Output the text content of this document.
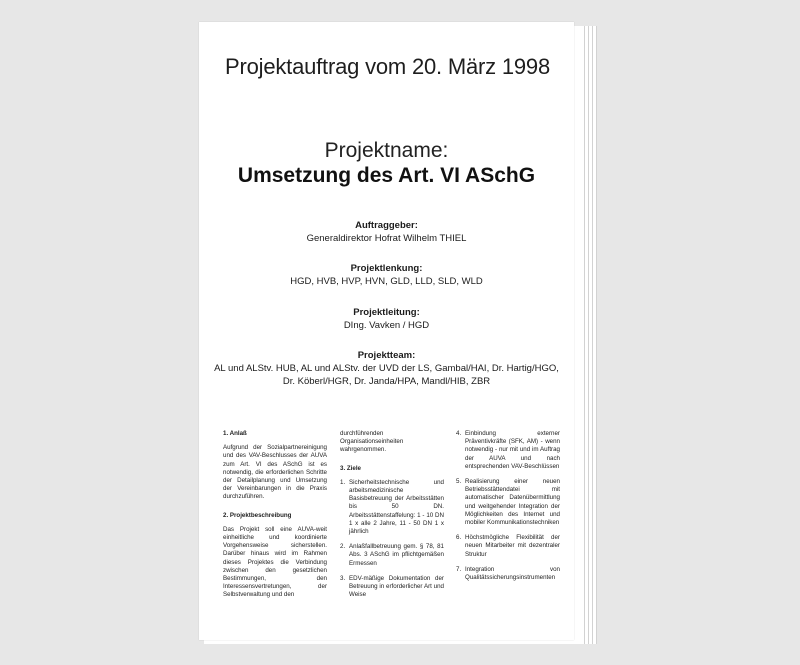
Projektauftrag vom 20. März 1998
Projektname:
Umsetzung des Art. VI ASchG
Auftraggeber:
Generaldirektor Hofrat Wilhelm THIEL
Projektlenkung:
HGD, HVB, HVP, HVN, GLD, LLD, SLD, WLD
Projektleitung:
DIng. Vavken / HGD
Projektteam:
AL und ALStv. HUB, AL und ALStv. der UVD der LS, Gambal/HAI, Dr. Hartig/HGO,
Dr. Köberl/HGR, Dr. Janda/HPA, Mandl/HIB, ZBR
1. Anlaß

Aufgrund der Sozialpartnereinigung und des VAV-Beschlusses der AUVA zum Art. VI des ASchG ist es notwendig, die erforderlichen Schritte der Detailplanung und Umsetzung der Vereinbarungen in die Praxis durchzuführen.

2. Projektbeschreibung

Das Projekt soll eine AUVA-weit einheitliche und koordinierte Vorgehensweise sicherstellen. Darüber hinaus wird im Rahmen dieses Projektes die Verbindung zwischen den gesetzlichen Bestimmungen, den Interessensvertretungen, der Selbstverwaltung und den

durchführenden Organisationseinheiten wahrgenommen.

3. Ziele
1. Sicherheitstechnische und arbeitsmedizinische Basisbetreuung der Arbeitsstätten bis 50 DN. Arbeitsstättenstaffelung: 1 - 10 DN 1 x alle 2 Jahre, 11 - 50 DN 1 x jährlich
2. Anlaßfallbetreuung gem. § 78, 81 Abs. 3 ASchG im pflichtgemäßen Ermessen
3. EDV-mäßige Dokumentation der Betreuung in erforderlicher Art und Weise
4. Einbindung externer Präventivkräfte (SFK, AM) - wenn notwendig - nur mit und im Auftrag der AUVA und nach entsprechenden VAV-Beschlüssen
5. Realisierung einer neuen Betriebsstättendatei mit automatischer Datenübermittlung und weitgehender Integration der Möglichkeiten des Internet und mobiler Kommunikationstechniken
6. Höchstmögliche Flexibilität der neuen Mitarbeiter mit dezentraler Struktur
7. Integration von Qualitätssicherungsinstrumenten
